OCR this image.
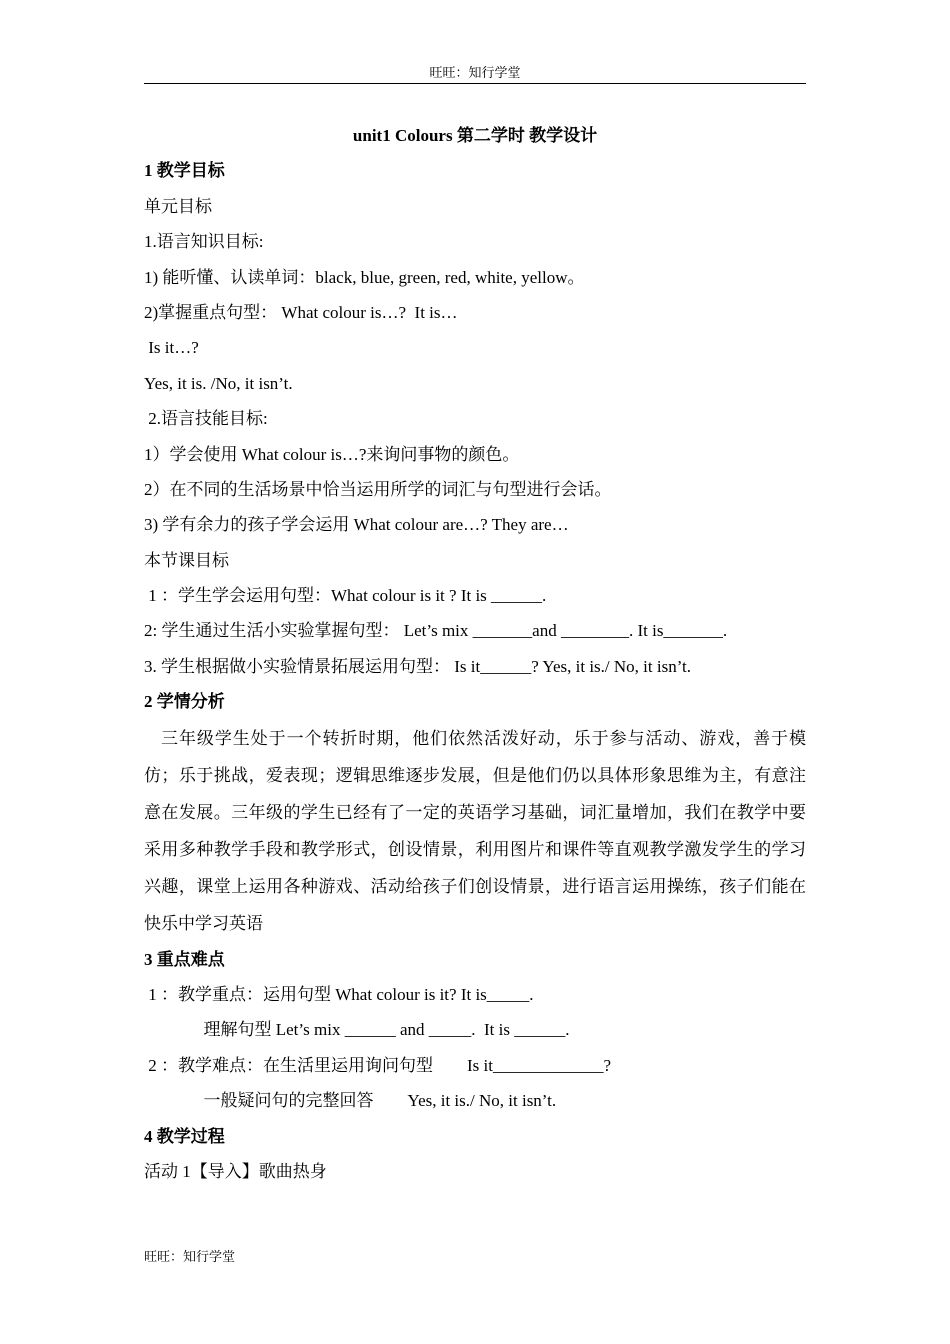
旺旺：知行学堂
unit1 Colours 第二学时 教学设计
1 教学目标
单元目标
1.语言知识目标:
1) 能听懂、认读单词：black, blue, green, red, white, yellow。
2)掌握重点句型： What colour is…?  It is…
Is it…?
Yes, it is. /No, it isn’t.
2.语言技能目标:
1）学会使用 What colour is…?来询问事物的颜色。
2）在不同的生活场景中恰当运用所学的词汇与句型进行会话。
3) 学有余力的孩子学会运用 What colour are…? They are…
本节课目标
1 ：学生学会运用句型：What colour is it ? It is ______.
2: 学生通过生活小实验掌握句型： Let’s mix _______and ________. It is_______.
3. 学生根据做小实验情景拓展运用句型： Is it______? Yes, it is./ No, it isn’t.
2 学情分析
三年级学生处于一个转折时期，他们依然活泼好动，乐于参与活动、游戏，善于模仿；乐于挑战，爱表现；逻辑思维逐步发展，但是他们仍以具体形象思维为主，有意注意在发展。三年级的学生已经有了一定的英语学习基础，词汇量增加，我们在教学中要采用多种教学手段和教学形式，创设情景，利用图片和课件等直观教学激发学生的学习兴趣，课堂上运用各种游戏、活动给孩子们创设情景，进行语言运用操练，孩子们能在快乐中学习英语
3 重点难点
1 ：教学重点：运用句型 What colour is it? It is_____.
理解句型 Let’s mix ______ and _____.  It is ______.
2 ：教学难点：在生活里运用询问句型        Is it_____________?
一般疑问句的完整回答        Yes, it is./ No, it isn’t.
4 教学过程
活动 1【导入】歌曲热身
旺旺：知行学堂
